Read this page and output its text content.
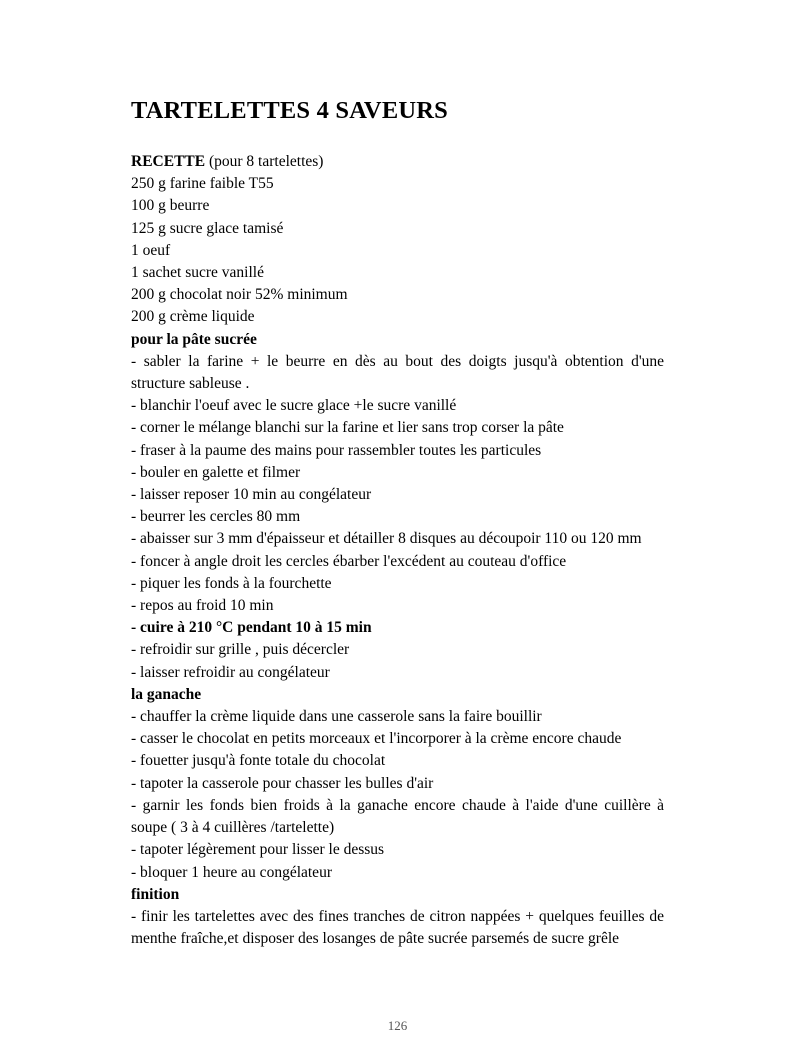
TARTELETTES 4 SAVEURS
RECETTE (pour 8 tartelettes)
250 g farine faible T55
100 g beurre
125 g sucre glace tamisé
1 oeuf
1 sachet sucre vanillé
200 g chocolat noir 52% minimum
200 g crème liquide
pour la pâte sucrée
- sabler la farine + le beurre en dès au bout des doigts jusqu'à obtention d'une structure sableuse .
- blanchir l'oeuf avec le sucre glace +le sucre vanillé
- corner le mélange blanchi sur la farine et lier sans trop corser la pâte
- fraser à la paume des mains pour rassembler toutes les particules
- bouler en galette et filmer
- laisser reposer 10 min au congélateur
- beurrer les cercles 80 mm
- abaisser sur 3 mm d'épaisseur et détailler 8 disques au découpoir 110 ou 120 mm
- foncer à angle droit les cercles ébarber l'excédent au couteau d'office
- piquer les fonds à la fourchette
- repos au froid 10 min
- cuire à 210 °C pendant 10 à 15 min
- refroidir sur grille , puis décercler
- laisser refroidir au congélateur
la ganache
- chauffer la crème liquide dans une casserole sans la faire bouillir
- casser le chocolat en petits morceaux et l'incorporer à la crème encore chaude
- fouetter jusqu'à fonte totale du chocolat
- tapoter la casserole pour chasser les bulles d'air
- garnir les fonds bien froids à la ganache encore chaude à l'aide d'une cuillère à soupe ( 3 à 4 cuillères /tartelette)
- tapoter légèrement pour lisser le dessus
- bloquer 1 heure au congélateur
finition
- finir les tartelettes avec des fines tranches de citron nappées + quelques feuilles de menthe fraîche,et disposer des losanges de pâte sucrée parsemés de sucre grêle
126
